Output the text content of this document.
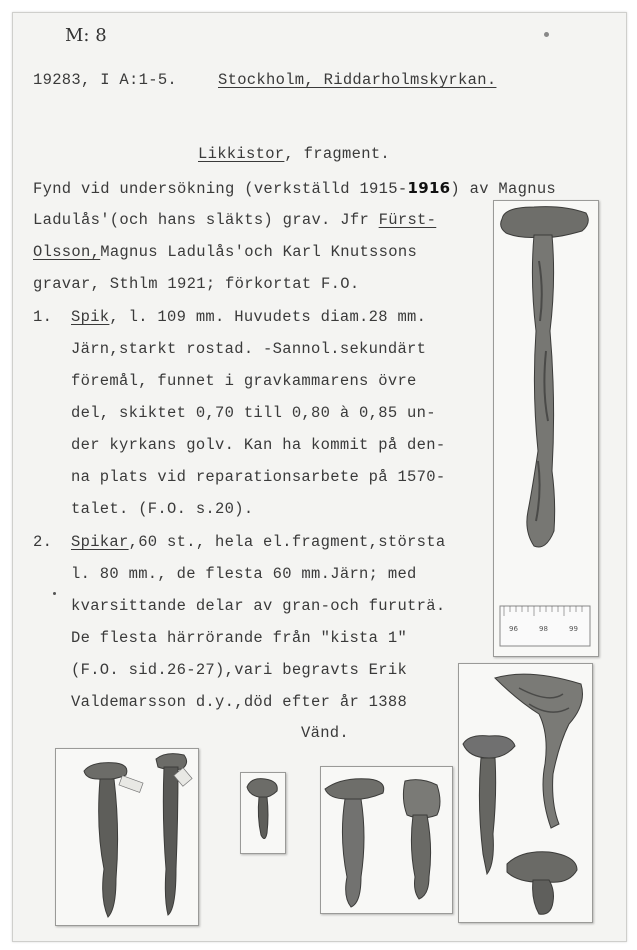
M: 8
19283, I A:1-5.	Stockholm, Riddarholmskyrkan.
Likkistor, fragment.
Fynd vid undersökning (verkställd 1915-1916) av Magnus
Ladulås'(och hans släkts) grav. Jfr Fürst-
Olsson,Magnus Ladulås'och Karl Knutssons
gravar, Sthlm 1921; förkortat F.O.
1. Spik, l. 109 mm. Huvudets diam.28 mm.
Järn,starkt rostad. -Sannol.sekundärt
föremål, funnet i gravkammarens övre
del, skiktet 0,70 till 0,80 à 0,85 un-
der kyrkans golv. Kan ha kommit på den-
na plats vid reparationsarbete på 1570-
talet. (F.O. s.20).
2. Spikar,60 st., hela el.fragment,största
l. 80 mm., de flesta 60 mm.Järn; med
kvarsittande delar av gran-och furuträ.
De flesta härrörande från "kista 1"
(F.O. sid.26-27),vari begravts Erik
Valdemarsson d.y.,död efter år 1388
Vänd.
96	98	99
